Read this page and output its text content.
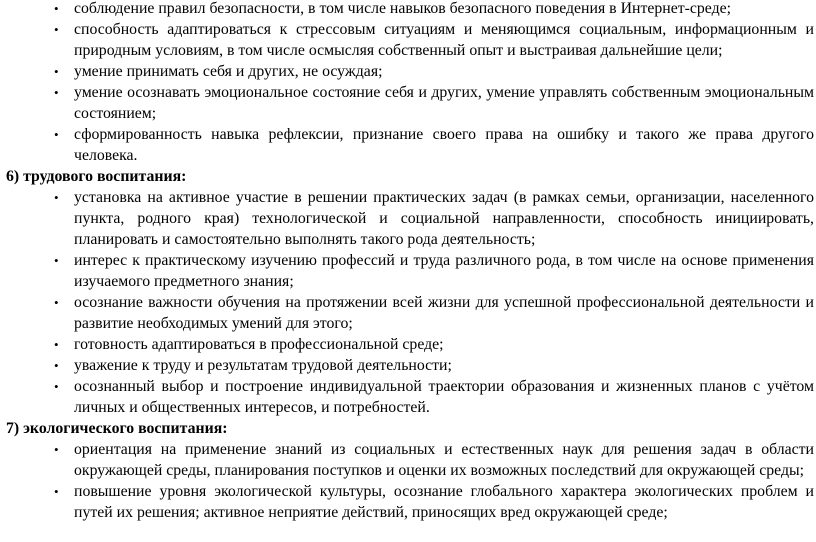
• соблюдение правил безопасности, в том числе навыков безопасного поведения в Интернет-среде;
• способность адаптироваться к стрессовым ситуациям и меняющимся социальным, информационным и природным условиям, в том числе осмысляя собственный опыт и выстраивая дальнейшие цели;
• умение принимать себя и других, не осуждая;
• умение осознавать эмоциональное состояние себя и других, умение управлять собственным эмоциональным состоянием;
• сформированность навыка рефлексии, признание своего права на ошибку и такого же права другого человека.
6) трудового воспитания:
• установка на активное участие в решении практических задач (в рамках семьи, организации, населенного пункта, родного края) технологической и социальной направленности, способность инициировать, планировать и самостоятельно выполнять такого рода деятельность;
• интерес к практическому изучению профессий и труда различного рода, в том числе на основе применения изучаемого предметного знания;
• осознание важности обучения на протяжении всей жизни для успешной профессиональной деятельности и развитие необходимых умений для этого;
• готовность адаптироваться в профессиональной среде;
• уважение к труду и результатам трудовой деятельности;
• осознанный выбор и построение индивидуальной траектории образования и жизненных планов с учётом личных и общественных интересов, и потребностей.
7) экологического воспитания:
• ориентация на применение знаний из социальных и естественных наук для решения задач в области окружающей среды, планирования поступков и оценки их возможных последствий для окружающей среды;
• повышение уровня экологической культуры, осознание глобального характера экологических проблем и путей их решения; активное неприятие действий, приносящих вред окружающей среде;
